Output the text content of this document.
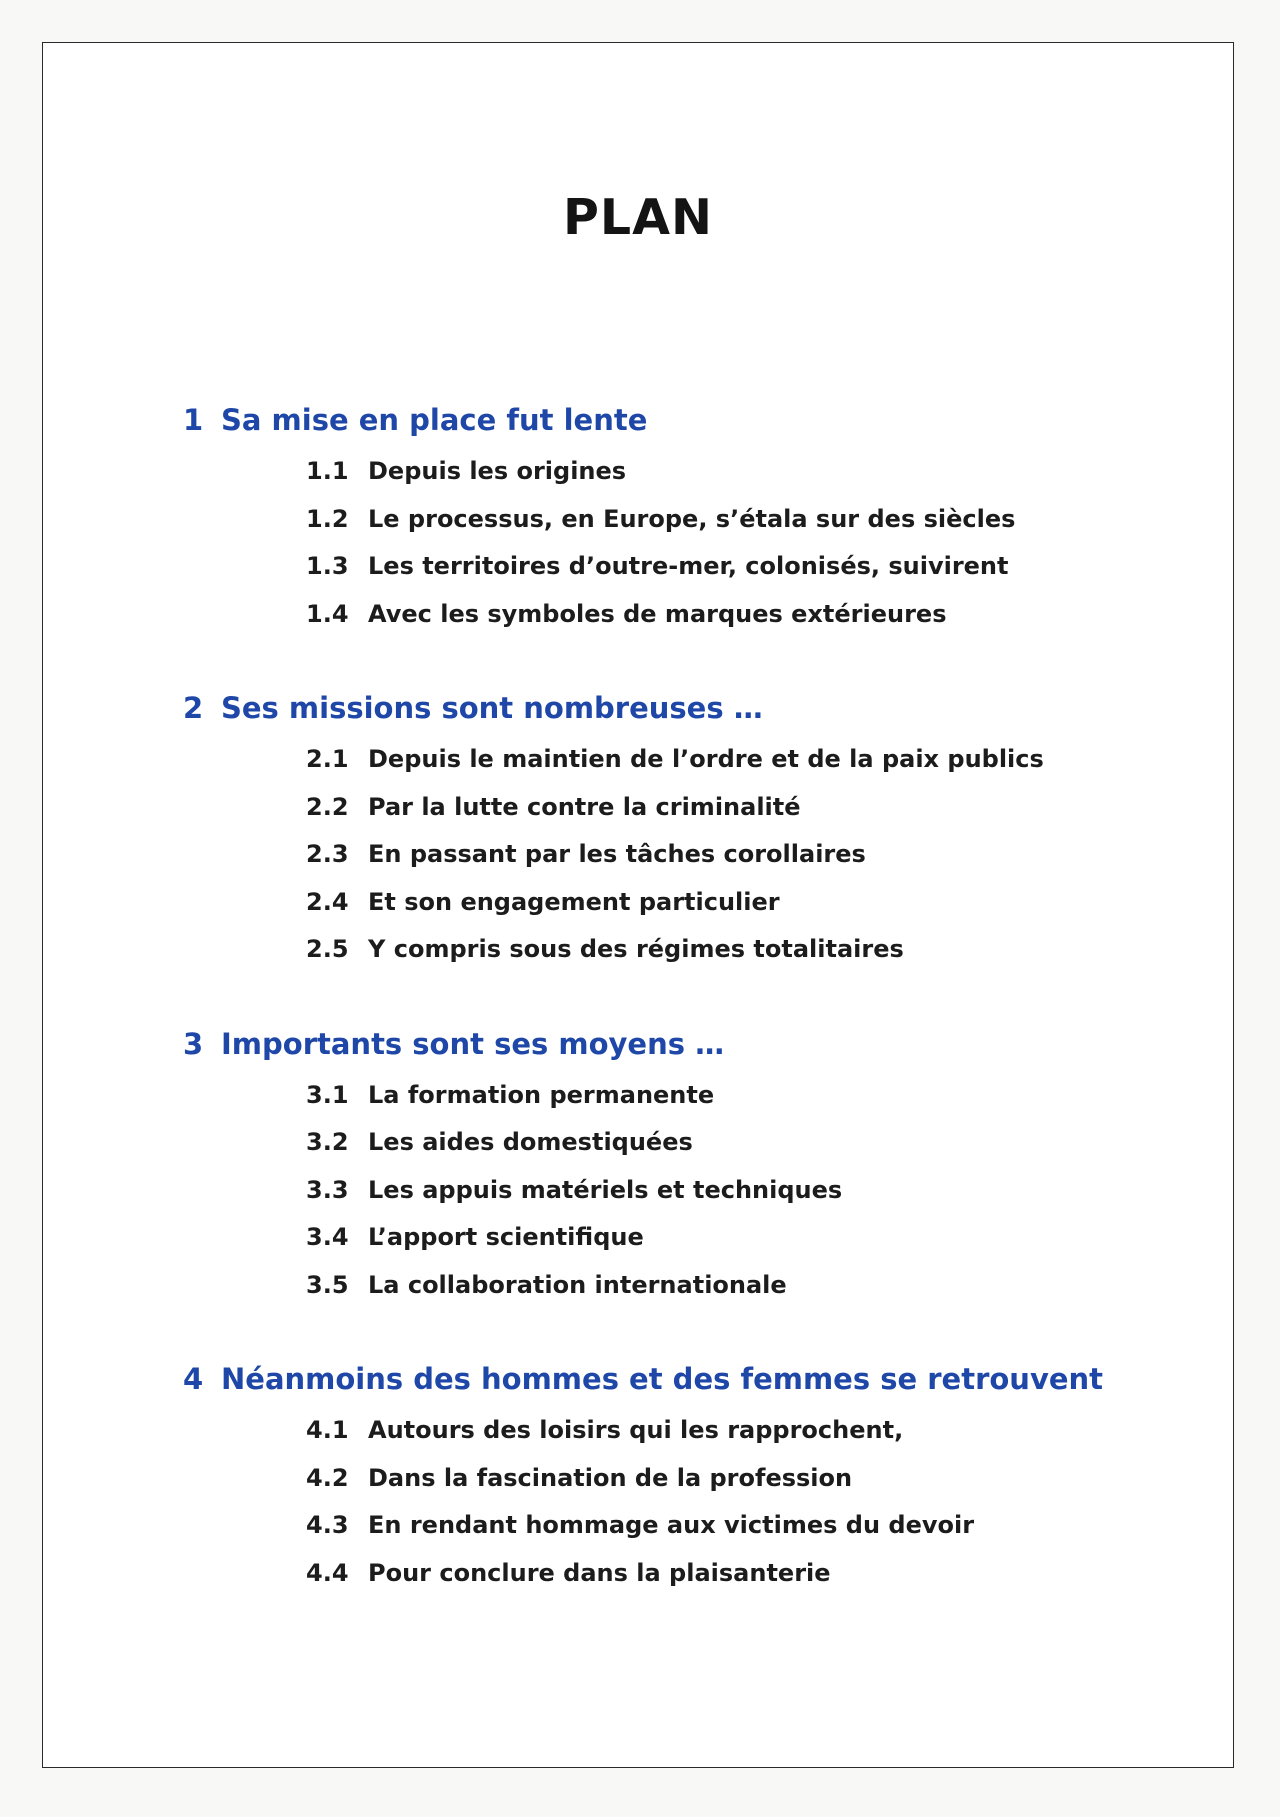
PLAN
1 Sa mise en place fut lente
1.1 Depuis les origines
1.2 Le processus, en Europe, s’étala sur des siècles
1.3 Les territoires d’outre-mer, colonisés, suivirent
1.4 Avec les symboles de marques extérieures
2 Ses missions sont nombreuses …
2.1 Depuis le maintien de l’ordre et de la paix publics
2.2 Par la lutte contre la criminalité
2.3 En passant par les tâches corollaires
2.4 Et son engagement particulier
2.5 Y compris sous des régimes totalitaires
3 Importants sont ses moyens …
3.1 La formation permanente
3.2 Les aides domestiquées
3.3 Les appuis matériels et techniques
3.4 L’apport scientifique
3.5 La collaboration internationale
4 Néanmoins des hommes et des femmes se retrouvent
4.1 Autours des loisirs qui les rapprochent,
4.2 Dans la fascination de la profession
4.3 En rendant hommage aux victimes du devoir
4.4 Pour conclure dans la plaisanterie
